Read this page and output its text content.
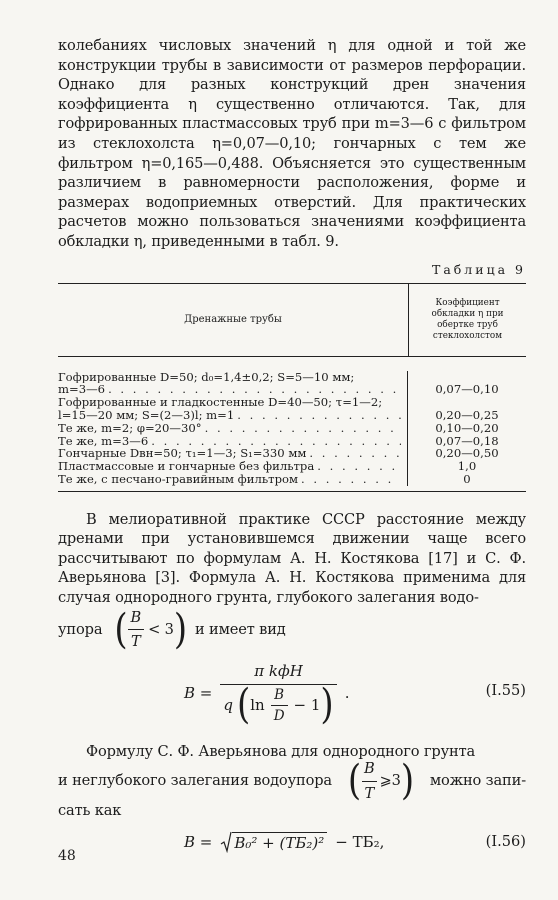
колебаниях числовых значений η для одной и той же конструкции трубы в зависимости от размеров перфорации. Однако для разных конструкций дрен значения коэффициента η существенно отличаются. Так, для гофрированных пластмассовых труб при m=3—6 с фильтром из стеклохолста η=0,07—0,10; гончарных с тем же фильтром η=0,165—0,488. Объясняется это существенным различием в равномерности расположения, форме и размерах водоприемных отверстий. Для практических расчетов можно пользоваться значениями коэффициента обкладки η, приведенными в табл. 9.

Таблица 9
Дренажные трубы
Коэффициент обкладки η при обертке труб стеклохолстом
Гофрированные D=50; d₀=1,4±0,2; S=5—10 мм;
m=3—6
. . .
Гофрированные и гладкостенные D=40—50; τ=1—2;
l=15—20 мм; S=(2—3)l; m=1
. . .
Те же, m=2; φ=20—30°
. . .
Те же, m=3—6
. . .
Гончарные Dвн=50; τ₁=1—3; S₁=330 мм
. . .
Пластмассовые и гончарные без фильтра
. . .
Те же, с песчано-гравийным фильтром
. . .
0,07—0,10
0,20—0,25
0,10—0,20
0,07—0,18
0,20—0,50
1,0
0

В мелиоративной практике СССР расстояние между дренами при установившемся движении чаще всего рассчитывают по формулам А. Н. Костякова [17] и С. Ф. Аверьянова [3]. Формула А. Н. Костякова применима для случая однородного грунта, глубокого залегания водо-

упора ( $\frac{B}{T} < 3$ ) и имеет вид
B =
π kфH
q ( $\ln \frac{B}{D} - 1$ ) .	(I.55)

Формулу С. Ф. Аверьянова для однородного грунта

и неглубокого залегания водоупора ( $\frac{B}{T}$ ⩾3 ) можно запи-

сать как

B = B₀² + (TБ₂)² − TБ₂,	(I.56)
48
